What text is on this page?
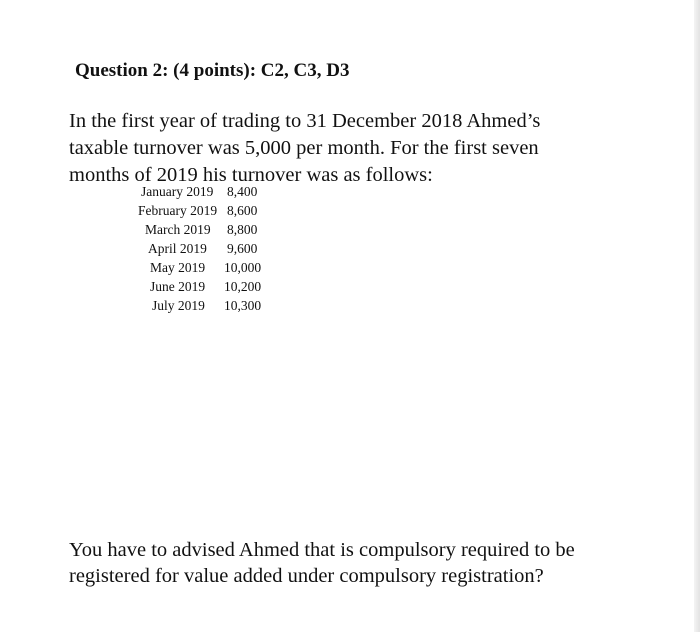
Question 2: (4 points): C2, C3, D3
In the first year of trading to 31 December 2018 Ahmed’s
taxable turnover was 5,000 per month. For the first seven
months of 2019 his turnover was as follows:
January 2019 8,400
February 2019 8,600
March 2019 8,800
April 2019 9,600
May 2019 10,000
June 2019 10,200
July 2019 10,300
You have to advised Ahmed that is compulsory required to be
registered for value added under compulsory registration?
